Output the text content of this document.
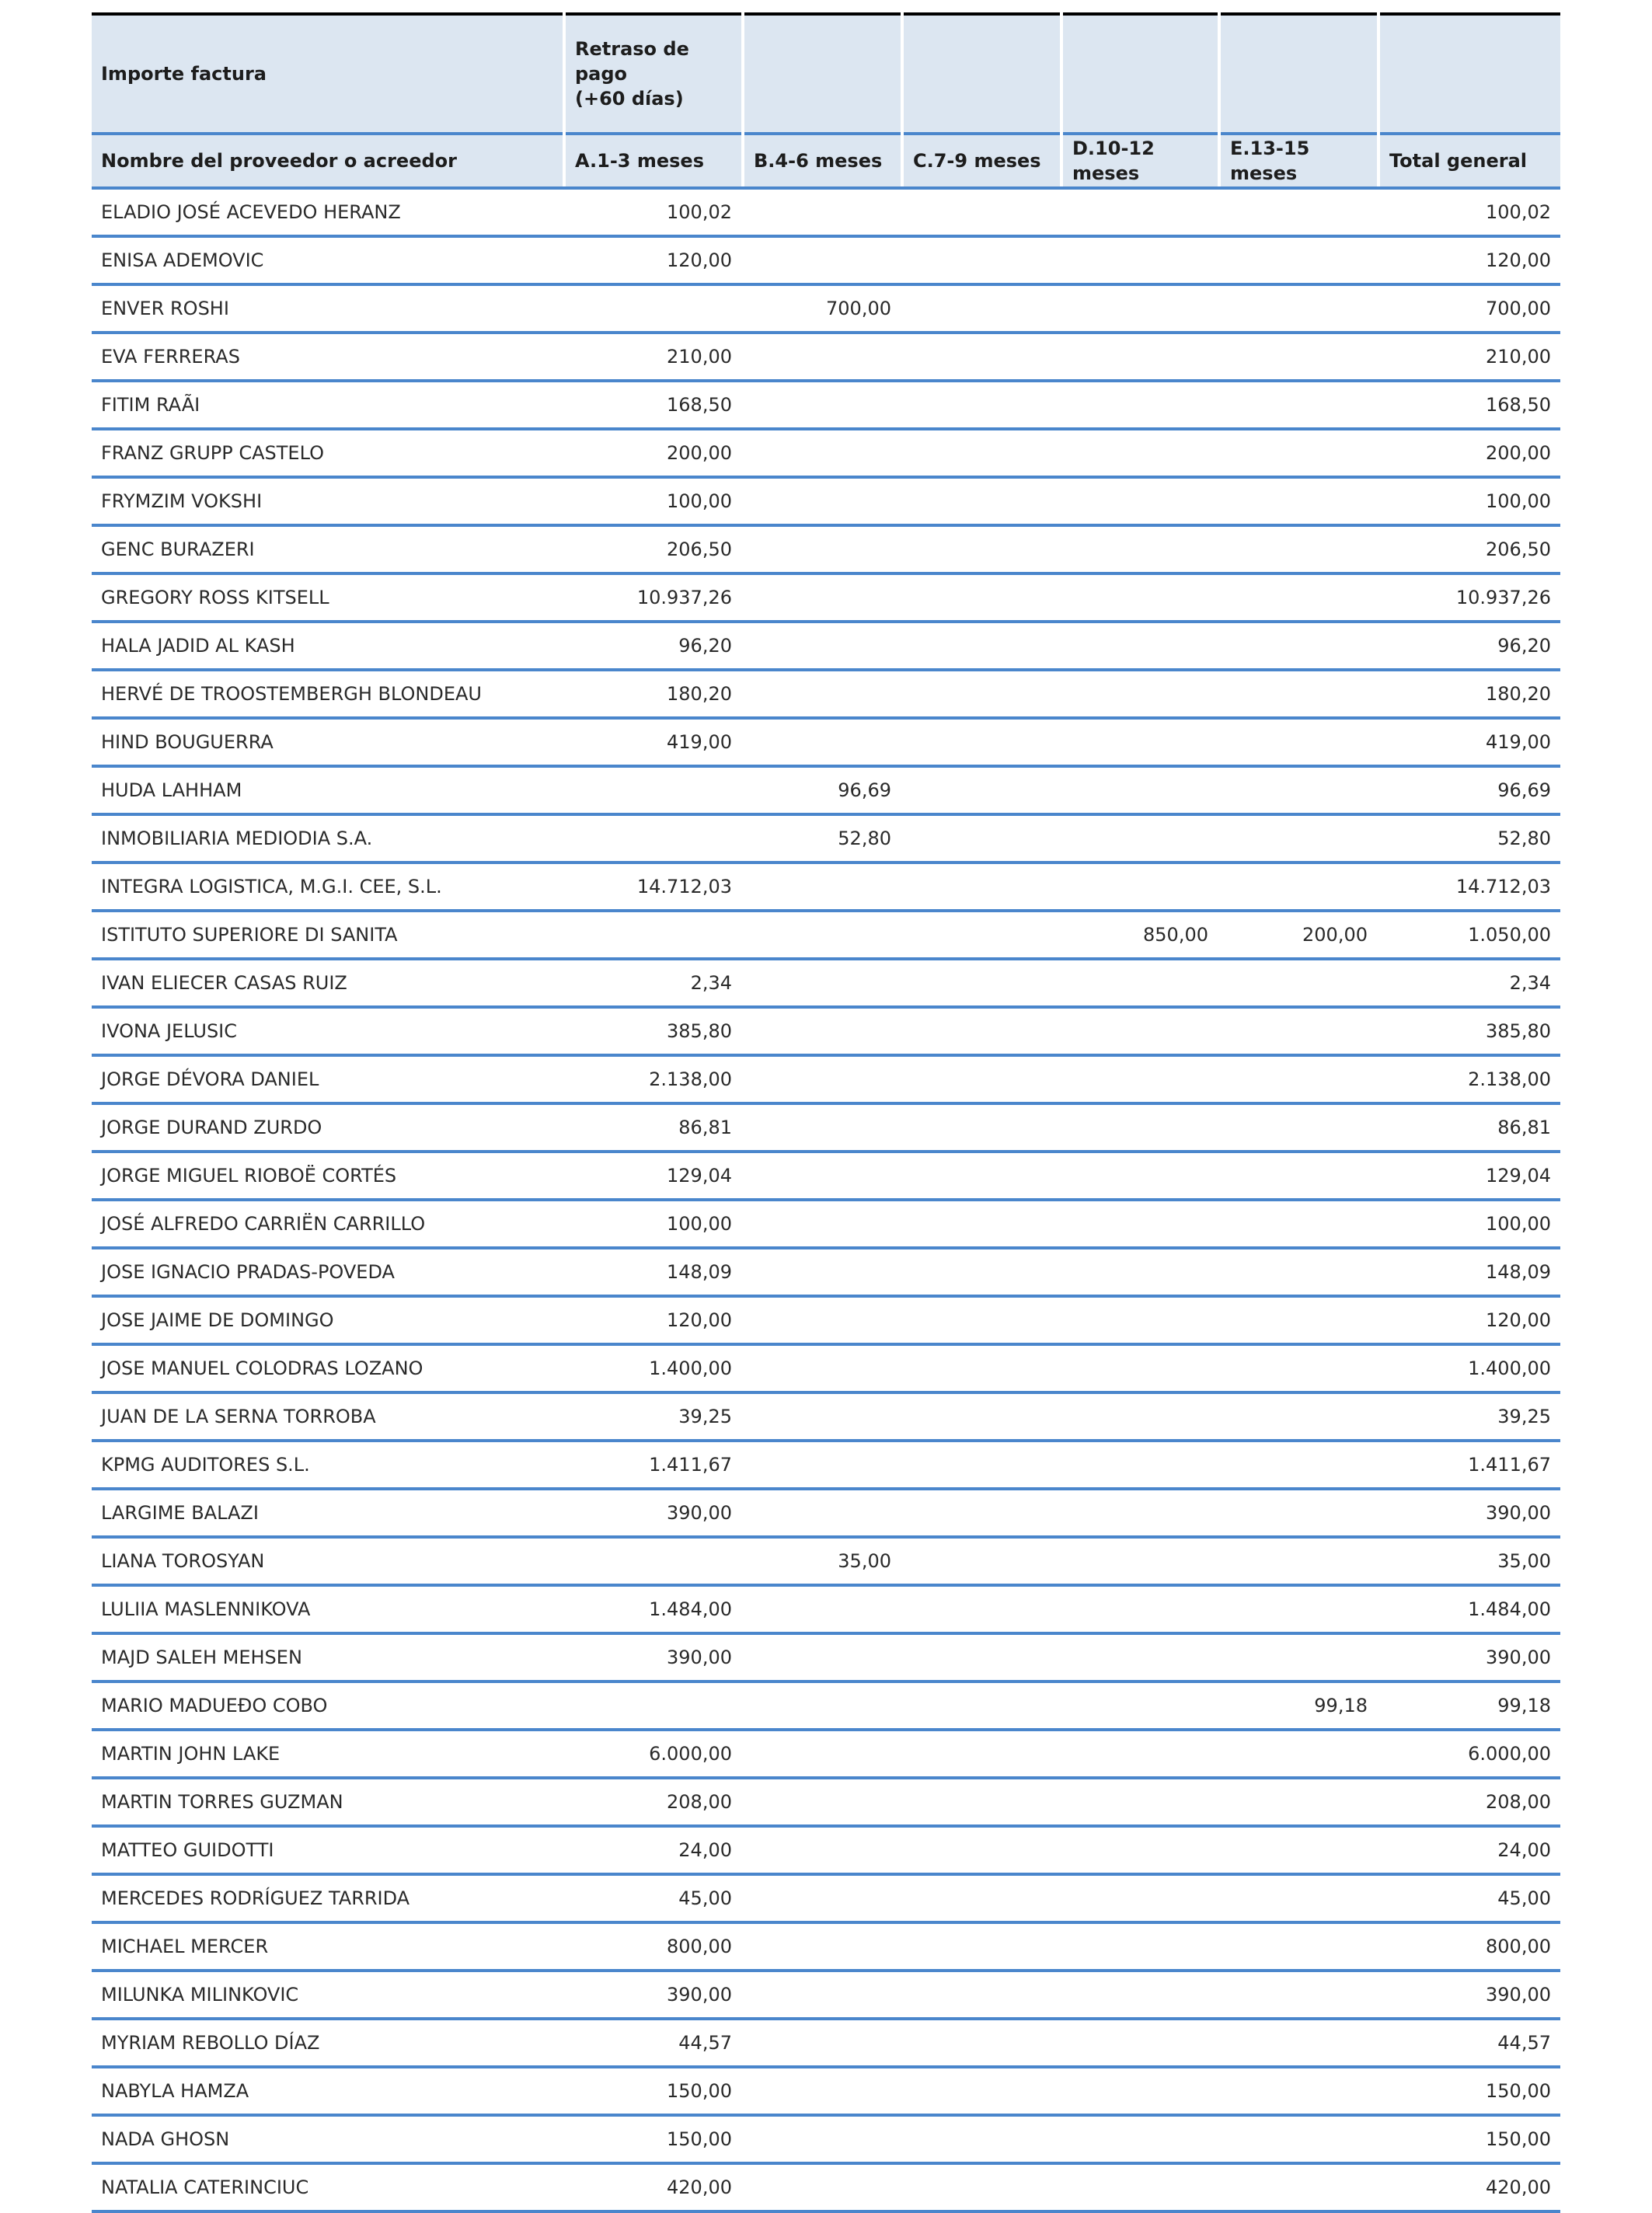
Importe factura	Retraso de pago
(+60 días)					
Nombre del proveedor o acreedor	A.1-3 meses	B.4-6 meses	C.7-9 meses	D.10-12 meses	E.13-15 meses	Total general
ELADIO JOSÉ ACEVEDO HERANZ	100,02					100,02
ENISA ADEMOVIC	120,00					120,00
ENVER ROSHI		700,00				700,00
EVA FERRERAS	210,00					210,00
FITIM RAÃI	168,50					168,50
FRANZ GRUPP CASTELO	200,00					200,00
FRYMZIM VOKSHI	100,00					100,00
GENC BURAZERI	206,50					206,50
GREGORY ROSS KITSELL	10.937,26					10.937,26
HALA JADID AL KASH	96,20					96,20
HERVÉ DE TROOSTEMBERGH BLONDEAU	180,20					180,20
HIND BOUGUERRA	419,00					419,00
HUDA LAHHAM		96,69				96,69
INMOBILIARIA MEDIODIA S.A.		52,80				52,80
INTEGRA LOGISTICA, M.G.I. CEE, S.L.	14.712,03					14.712,03
ISTITUTO SUPERIORE DI SANITA				850,00	200,00	1.050,00
IVAN ELIECER CASAS RUIZ	2,34					2,34
IVONA JELUSIC	385,80					385,80
JORGE DÉVORA DANIEL	2.138,00					2.138,00
JORGE DURAND ZURDO	86,81					86,81
JORGE MIGUEL RIOBOË CORTÉS	129,04					129,04
JOSÉ ALFREDO CARRIËN CARRILLO	100,00					100,00
JOSE IGNACIO PRADAS-POVEDA	148,09					148,09
JOSE JAIME DE DOMINGO	120,00					120,00
JOSE MANUEL COLODRAS LOZANO	1.400,00					1.400,00
JUAN DE LA SERNA TORROBA	39,25					39,25
KPMG AUDITORES S.L.	1.411,67					1.411,67
LARGIME BALAZI	390,00					390,00
LIANA TOROSYAN		35,00				35,00
LULIIA MASLENNIKOVA	1.484,00					1.484,00
MAJD SALEH MEHSEN	390,00					390,00
MARIO MADUEĐO COBO					99,18	99,18
MARTIN JOHN LAKE	6.000,00					6.000,00
MARTIN TORRES GUZMAN	208,00					208,00
MATTEO GUIDOTTI	24,00					24,00
MERCEDES RODRÍGUEZ TARRIDA	45,00					45,00
MICHAEL MERCER	800,00					800,00
MILUNKA MILINKOVIC	390,00					390,00
MYRIAM REBOLLO DÍAZ	44,57					44,57
NABYLA HAMZA	150,00					150,00
NADA GHOSN	150,00					150,00
NATALIA CATERINCIUC	420,00					420,00
